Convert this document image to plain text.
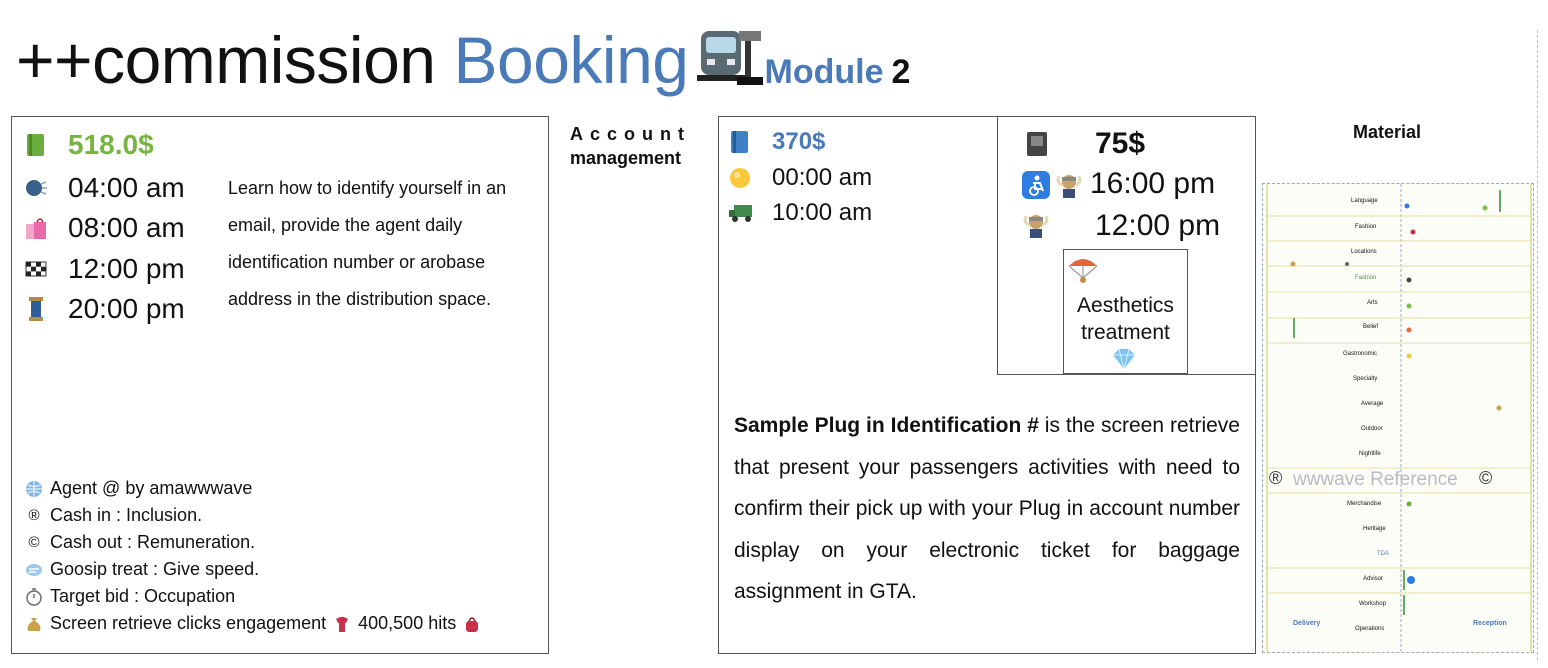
++commission Booking Module 2
518.0$
04:00 am
08:00 am
12:00 pm
20:00 pm
Learn how to identify yourself in an email, provide the agent daily identification number or arobase address in the distribution space.
Agent @ by amawwwave
® Cash in : Inclusion.
© Cash out : Remuneration.
Goosip treat : Give speed.
Target bid : Occupation
Screen retrieve clicks engagement 400,500 hits
Account
management
370$
00:00 am
10:00 am
75$
16:00 pm
12:00 pm
Aesthetics treatment
Sample Plug in Identification # is the screen retrieve that present your passengers activities with need to confirm their pick up with your Plug in account number display on your electronic ticket for baggage assignment in GTA.
Material
Language
Fashion
Locations
Fashion
Arts
Belief
Gastronomic
Specialty
Average
Outdoor
Nightlife
Merchandise
Heritage
TDA
Advisor
Workshop
Operations
® wwwave Reference ©
Delivery	Reception
